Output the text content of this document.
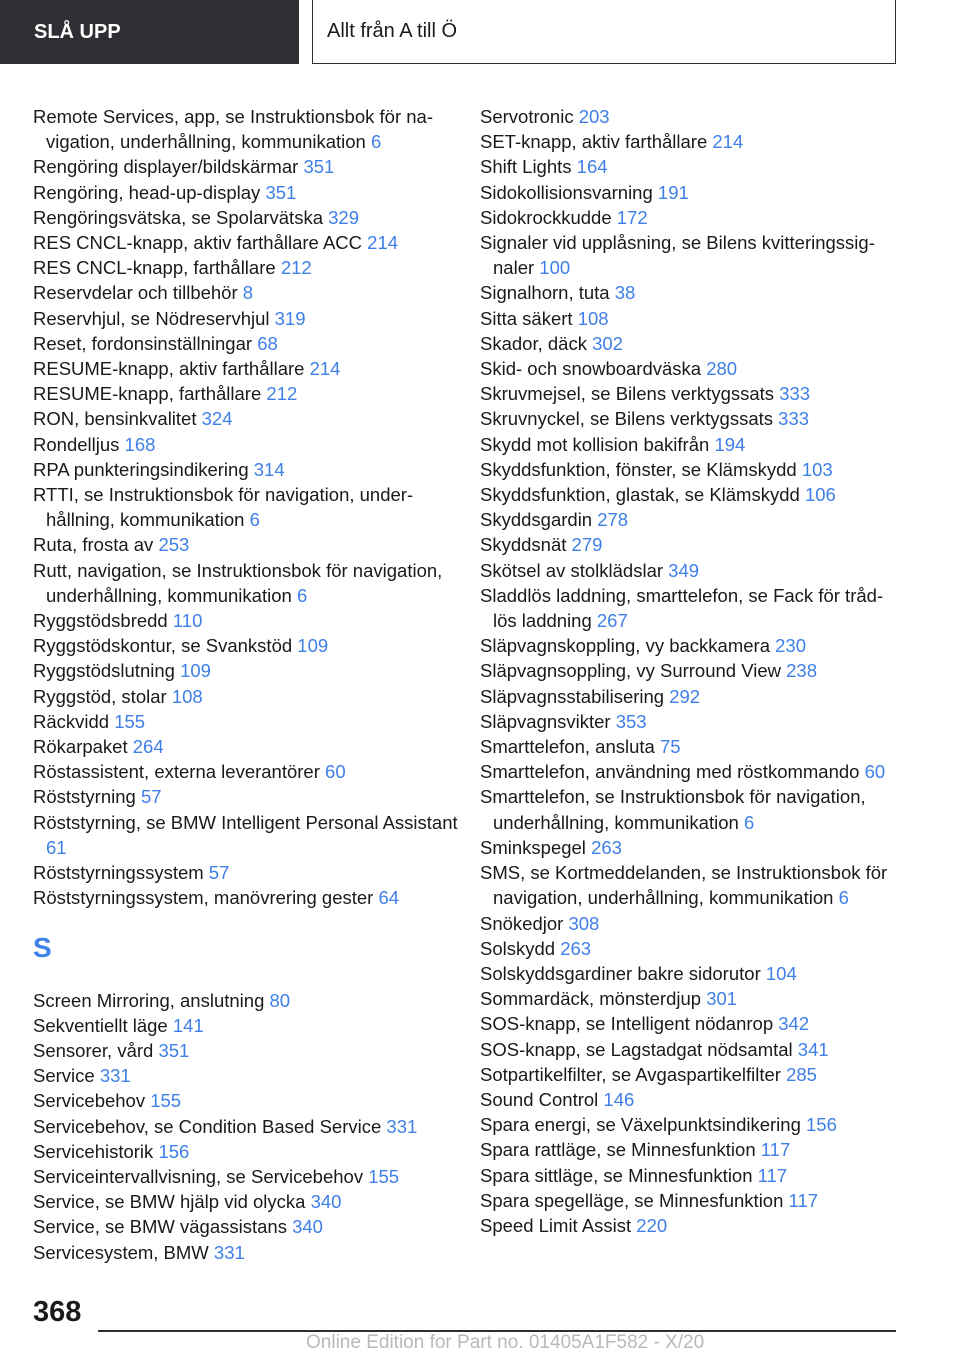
SLÅ UPP	Allt från A till Ö
Remote Services, app, se Instruktionsbok för navigation, underhållning, kommunikation 6
Rengöring displayer/bildskärmar 351
Rengöring, head-up-display 351
Rengöringsvätska, se Spolarvätska 329
RES CNCL-knapp, aktiv farthållare ACC 214
RES CNCL-knapp, farthållare 212
Reservdelar och tillbehör 8
Reservhjul, se Nödreservhjul 319
Reset, fordonsinställningar 68
RESUME-knapp, aktiv farthållare 214
RESUME-knapp, farthållare 212
RON, bensinkvalitet 324
Rondelljus 168
RPA punkteringsindikering 314
RTTI, se Instruktionsbok för navigation, underhållning, kommunikation 6
Ruta, frosta av 253
Rutt, navigation, se Instruktionsbok för navigation, underhållning, kommunikation 6
Ryggstödsbredd 110
Ryggstödskontur, se Svankstöd 109
Ryggstödslutning 109
Ryggstöd, stolar 108
Räckvidd 155
Rökarpaket 264
Röstassistent, externa leverantörer 60
Röststyrning 57
Röststyrning, se BMW Intelligent Personal Assistant 61
Röststyrningssystem 57
Röststyrningssystem, manövrering gester 64
S
Screen Mirroring, anslutning 80
Sekventiellt läge 141
Sensorer, vård 351
Service 331
Servicebehov 155
Servicebehov, se Condition Based Service 331
Servicehistorik 156
Serviceintervallvisning, se Servicebehov 155
Service, se BMW hjälp vid olycka 340
Service, se BMW vägassistans 340
Servicesystem, BMW 331
Servotronic 203
SET-knapp, aktiv farthållare 214
Shift Lights 164
Sidokollisionsvarning 191
Sidokrockkudde 172
Signaler vid upplåsning, se Bilens kvitteringssignaler 100
Signalhorn, tuta 38
Sitta säkert 108
Skador, däck 302
Skid- och snowboardväska 280
Skruvmejsel, se Bilens verktygssats 333
Skruvnyckel, se Bilens verktygssats 333
Skydd mot kollision bakifrån 194
Skyddsfunktion, fönster, se Klämskydd 103
Skyddsfunktion, glastak, se Klämskydd 106
Skyddsgardin 278
Skyddsnät 279
Skötsel av stolklädslar 349
Sladdlös laddning, smarttelefon, se Fack för trådlös laddning 267
Släpvagnskoppling, vy backkamera 230
Släpvagnsoppling, vy Surround View 238
Släpvagnsstabilisering 292
Släpvagnsvikter 353
Smarttelefon, ansluta 75
Smarttelefon, användning med röstkommando 60
Smarttelefon, se Instruktionsbok för navigation, underhållning, kommunikation 6
Sminkspegel 263
SMS, se Kortmeddelanden, se Instruktionsbok för navigation, underhållning, kommunikation 6
Snökedjor 308
Solskydd 263
Solskyddsgardiner bakre sidorutor 104
Sommardäck, mönsterdjup 301
SOS-knapp, se Intelligent nödanrop 342
SOS-knapp, se Lagstadgat nödsamtal 341
Sotpartikelfilter, se Avgaspartikelfilter 285
Sound Control 146
Spara energi, se Växelpunktsindikering 156
Spara rattläge, se Minnesfunktion 117
Spara sittläge, se Minnesfunktion 117
Spara spegelläge, se Minnesfunktion 117
Speed Limit Assist 220
368
Online Edition for Part no. 01405A1F582 - X/20
